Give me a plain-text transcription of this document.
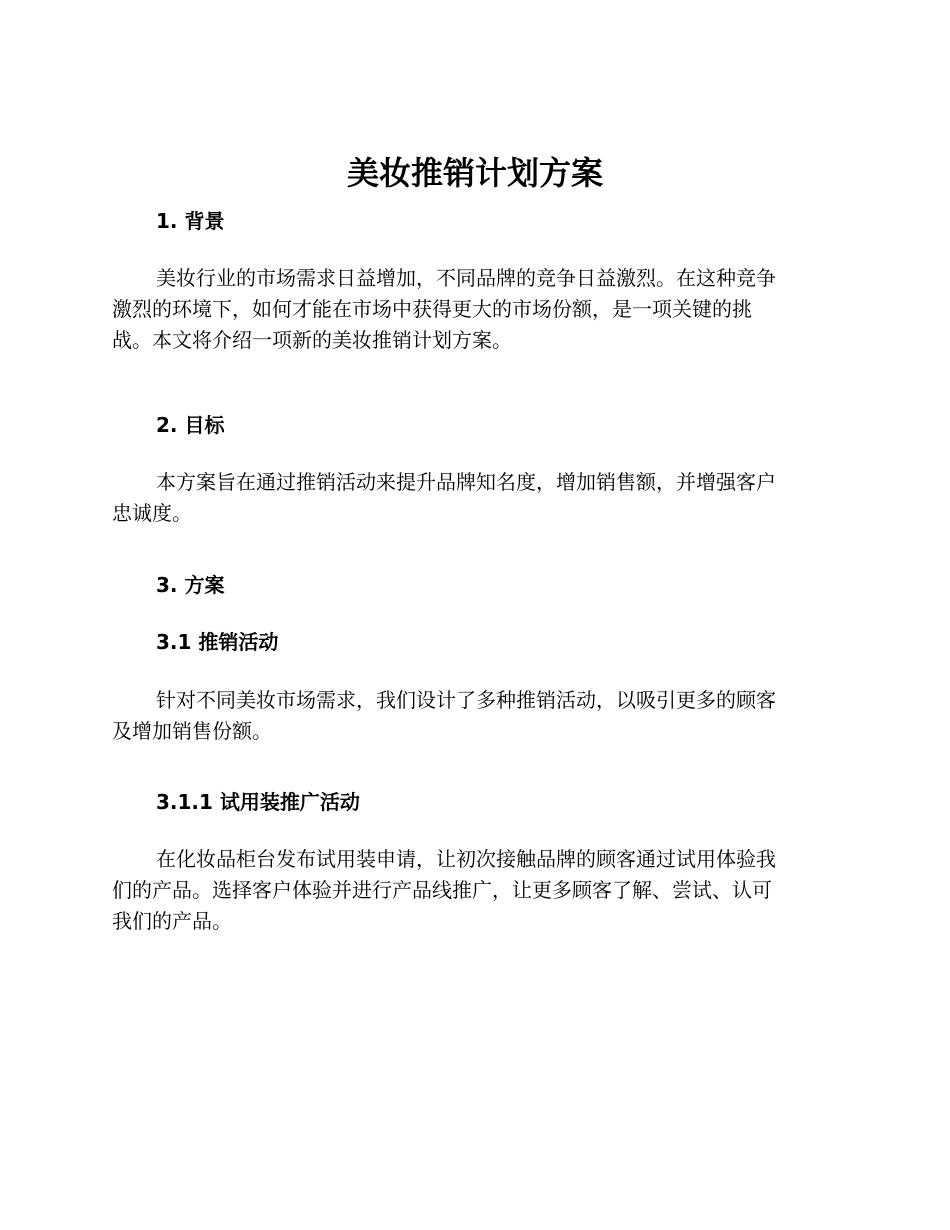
美妆推销计划方案
1. 背景
美妆行业的市场需求日益增加，不同品牌的竞争日益激烈。在这种竞争
激烈的环境下，如何才能在市场中获得更大的市场份额，是一项关键的挑
战。本文将介绍一项新的美妆推销计划方案。
2. 目标
本方案旨在通过推销活动来提升品牌知名度，增加销售额，并增强客户
忠诚度。
3. 方案
3.1 推销活动
针对不同美妆市场需求，我们设计了多种推销活动，以吸引更多的顾客
及增加销售份额。
3.1.1 试用装推广活动
在化妆品柜台发布试用装申请，让初次接触品牌的顾客通过试用体验我
们的产品。选择客户体验并进行产品线推广，让更多顾客了解、尝试、认可
我们的产品。
